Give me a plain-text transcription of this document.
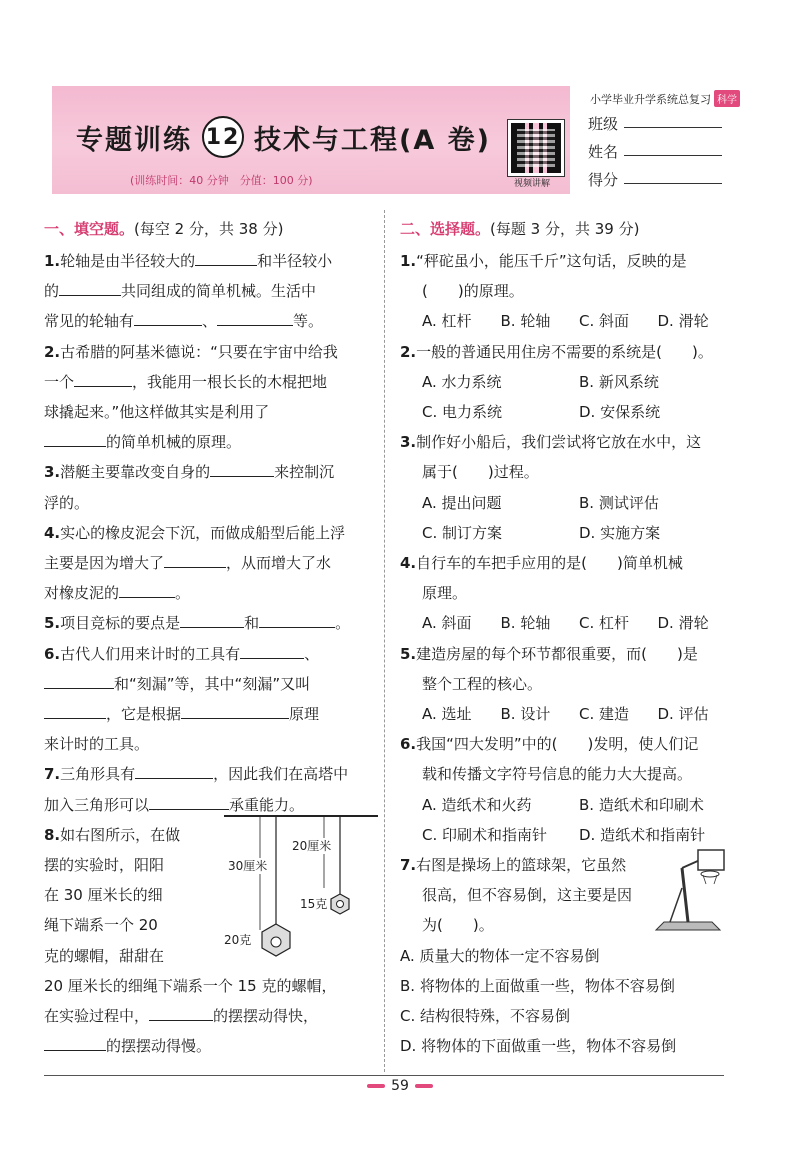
专题训练 12 技术与工程(A 卷)
(训练时间：40 分钟　分值：100 分)	视频讲解
小学毕业升学系统总复习 科学
班级
姓名
得分
一、填空题。(每空 2 分，共 38 分)
1.轮轴是由半径较大的	和半径较小
的	共同组成的简单机械。生活中
常见的轮轴有	、	等。
2.古希腊的阿基米德说：“只要在宇宙中给我
一个	，我能用一根长长的木棍把地
球撬起来。”他这样做其实是利用了
的简单机械的原理。
3.潜艇主要靠改变自身的	来控制沉
浮的。
4.实心的橡皮泥会下沉，而做成船型后能上浮
主要是因为增大了	，从而增大了水
对橡皮泥的	。
5.项目竞标的要点是	和	。
6.古代人们用来计时的工具有	、
和“刻漏”等，其中“刻漏”又叫
，它是根据	原理
来计时的工具。
7.三角形具有	，因此我们在高塔中
加入三角形可以	承重能力。
8.如右图所示，在做
摆的实验时，阳阳
在 30 厘米长的细
绳下端系一个 20
克的螺帽，甜甜在
20 厘米长的细绳下端系一个 15 克的螺帽，
在实验过程中，	的摆摆动得快，
的摆摆动得慢。
30厘米
20厘米
15克
20克
二、选择题。(每题 3 分，共 39 分)
1.“秤砣虽小，能压千斤”这句话，反映的是
(　　)的原理。
A. 杠杆	B. 轮轴	C. 斜面	D. 滑轮
2.一般的普通民用住房不需要的系统是(　　)。
A. 水力系统	B. 新风系统
C. 电力系统	D. 安保系统
3.制作好小船后，我们尝试将它放在水中，这
属于(　　)过程。
A. 提出问题	B. 测试评估
C. 制订方案	D. 实施方案
4.自行车的车把手应用的是(　　)简单机械
原理。
A. 斜面	B. 轮轴	C. 杠杆	D. 滑轮
5.建造房屋的每个环节都很重要，而(　　)是
整个工程的核心。
A. 选址	B. 设计	C. 建造	D. 评估
6.我国“四大发明”中的(　　)发明，使人们记
载和传播文字符号信息的能力大大提高。
A. 造纸术和火药	B. 造纸术和印刷术
C. 印刷术和指南针	D. 造纸术和指南针
7.右图是操场上的篮球架，它虽然
很高，但不容易倒，这主要是因
为(　　)。
A. 质量大的物体一定不容易倒
B. 将物体的上面做重一些，物体不容易倒
C. 结构很特殊，不容易倒
D. 将物体的下面做重一些，物体不容易倒
59
